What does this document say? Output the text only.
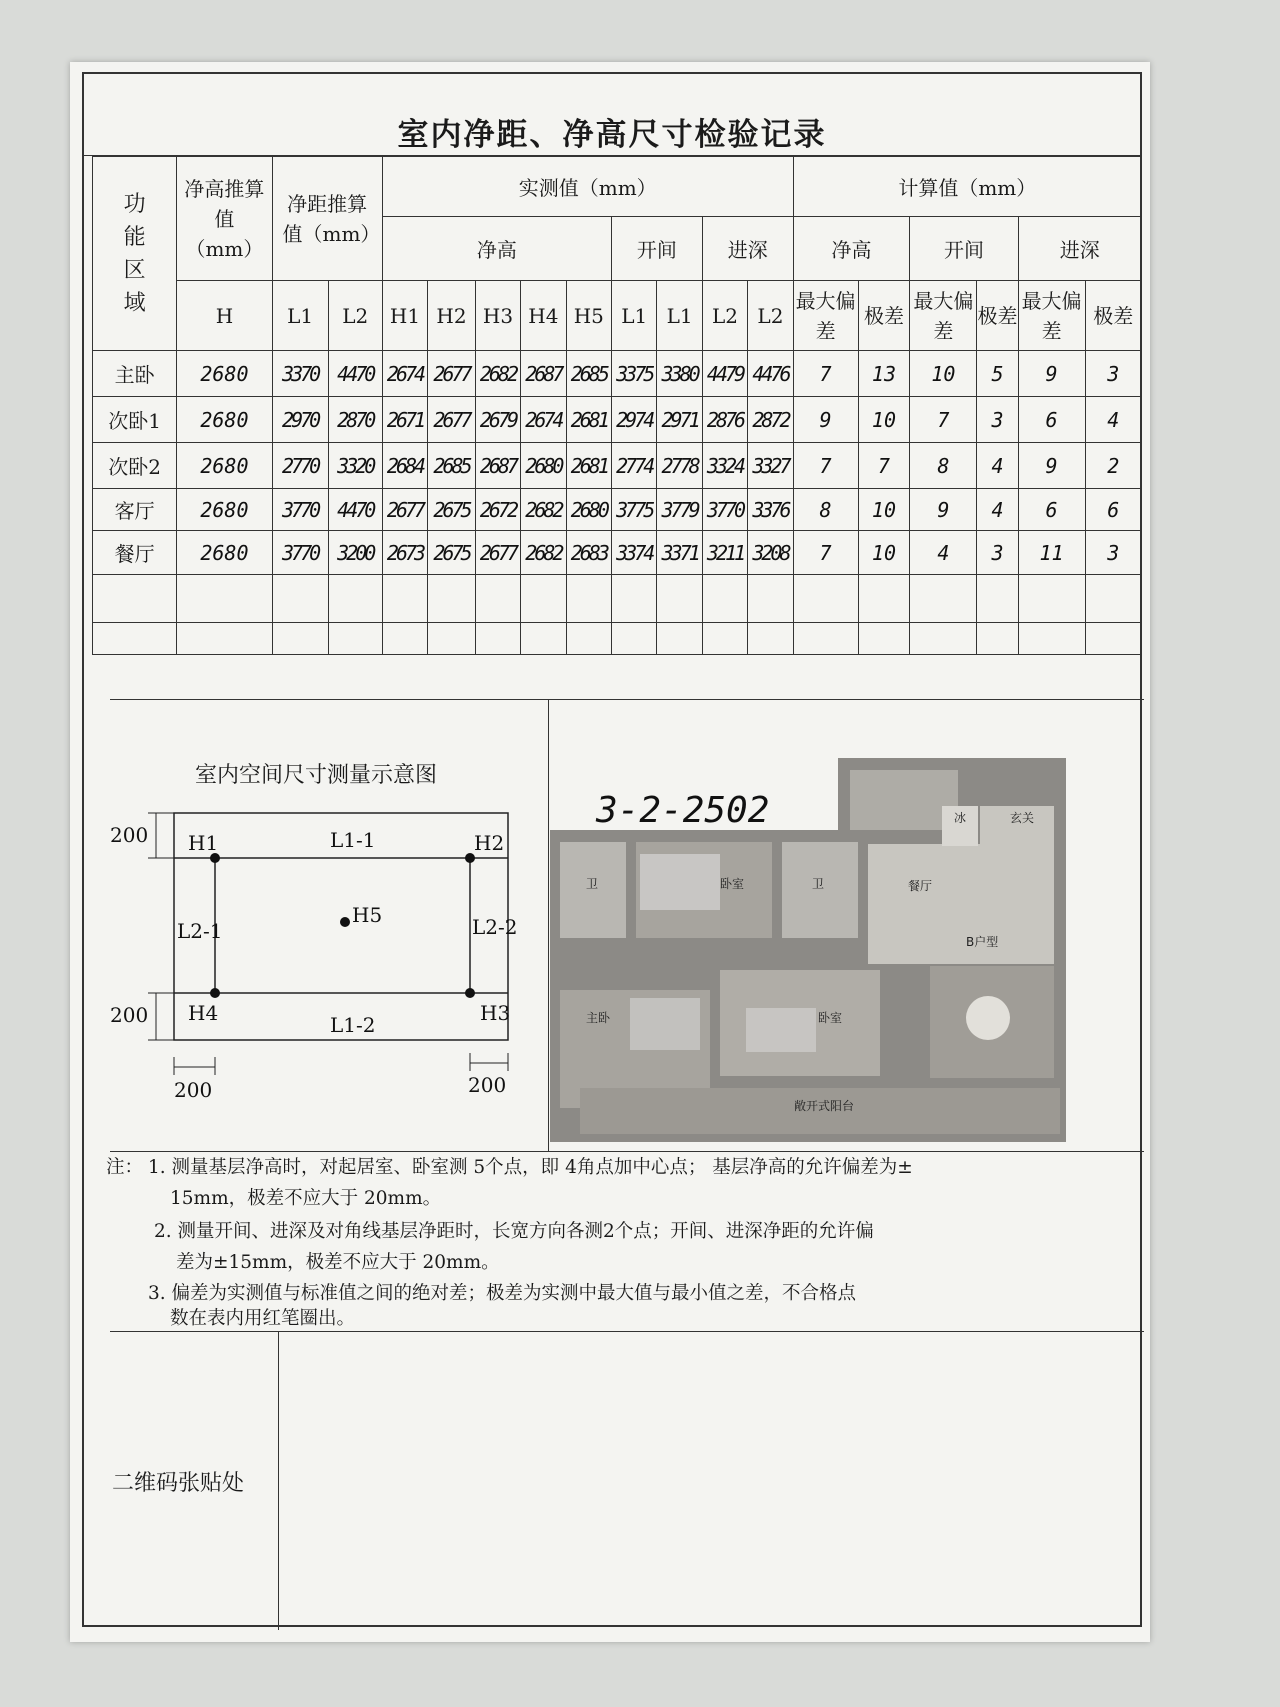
室内净距、净高尺寸检验记录
功能区域	净高推算值（mm）	净距推算值（mm）		实测值（mm）									计算值（mm）					
				净高					开间		进深		净高		开间		进深	
	H	L1	L2	H1	H2	H3	H4	H5	L1	L1	L2	L2	最大偏差	极差	最大偏差	极差	最大偏差	极差
主卧	2680	3370	4470	2674	2677	2682	2687	2685	3375	3380	4479	4476	7	13	10	5	9	3
次卧1	2680	2970	2870	2671	2677	2679	2674	2681	2974	2971	2876	2872	9	10	7	3	6	4
次卧2	2680	2770	3320	2684	2685	2687	2680	2681	2774	2778	3324	3327	7	7	8	4	9	2
客厅	2680	3770	4470	2677	2675	2672	2682	2680	3775	3779	3770	3376	8	10	9	4	6	6
餐厅	2680	3770	3200	2673	2675	2677	2682	2683	3374	3371	3211	3208	7	10	4	3	11	3

室内空间尺寸测量示意图
H1	H2
H3
H4
H5
L1-1
L1-2
L2-1	L2-2
200
200
200	200
卫	卫
卧室	餐厅
冰	玄关
B户型
主卧	卧室
敞开式阳台
3-2-2502
注： 1. 测量基层净高时，对起居室、卧室测 5个点，即 4角点加中心点； 基层净高的允许偏差为±
15mm，极差不应大于 20mm。
2. 测量开间、进深及对角线基层净距时，长宽方向各测2个点；开间、进深净距的允许偏
差为±15mm，极差不应大于 20mm。
3. 偏差为实测值与标准值之间的绝对差；极差为实测中最大值与最小值之差，不合格点
数在表内用红笔圈出。
二维码张贴处
